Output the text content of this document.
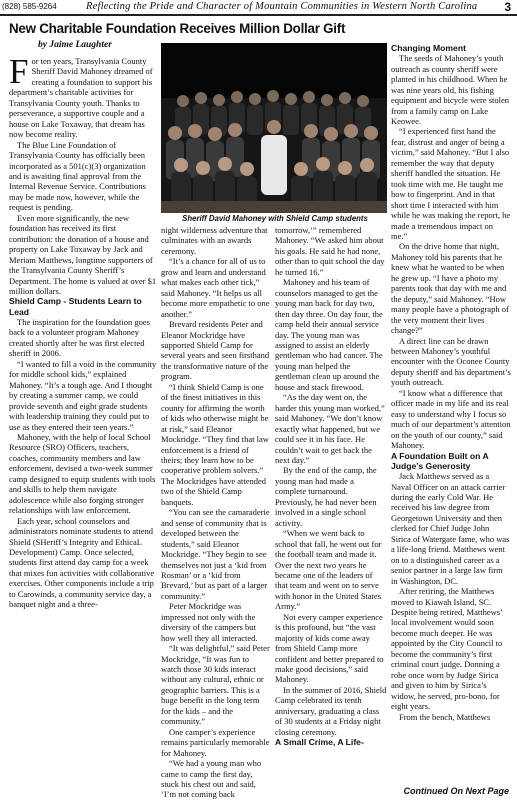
(828) 585-9264	Reflecting the Pride and Character of Mountain Communities in Western North Carolina 3
New Charitable Foundation Receives Million Dollar Gift
by Jaime Laughter

For ten years, Transylvania County Sheriff David Mahoney dreamed of creating a foundation to support his department’s charitable activities for Transylvania County youth. Thanks to perseverance, a supportive couple and a house on Lake Toxaway, that dream has now become reality.

The Blue Line Foundation of Transylvania County has officially been incorporated as a 501(c)(3) organization and is awaiting final approval from the Internal Revenue Service. Contributions may be made now, however, while the request is pending.

Even more significantly, the new foundation has received its first contribution: the donation of a house and property on Lake Toxaway by Jack and Meriam Matthews, longtime supporters of the Transylvania County Sheriff’s Department. The home is valued at over $1 million dollars.

Shield Camp - Students Learn to Lead

The inspiration for the foundation goes back to a volunteer program Mahoney created shortly after he was first elected sheriff in 2006.

“I wanted to fill a void in the community for middle school kids,” explained Mahoney. “It’s a tough age. And I thought by creating a summer camp, we could provide seventh and eight grade students with leadership training they could put to use as they entered their teen years.”

Mahoney, with the help of local School Resource (SRO) Officers, teachers, coaches, community members and law enforcement, devised a two-week summer camp designed to equip students with tools and skills to help them navigate adolescence while also forging stronger relationships with law enforcement.

Each year, school counselors and administrators nominate students to attend Shield (SHeriff’s Integrity and EthicaL Development) Camp. Once selected, students first attend day camp for a week that mixes fun activities with collaborative exercises. Other components include a trip to Carowinds, a community service day, a banquet night and a three-

Sheriff David Mahoney with Shield Camp students

night wilderness adventure that culminates with an awards ceremony.

“It’s a chance for all of us to grow and learn and understand what makes each other tick,” said Mahoney. “It helps us all become more empathetic to one another.”

Brevard residents Peter and Eleanor Mockridge have supported Shield Camp for several years and seen firsthand the transformative nature of the program.

“I think Shield Camp is one of the finest initiatives in this county for affirming the worth of kids who otherwise might be at risk,” said Eleanor Mockridge. “They find that law enforcement is a friend of theirs; they learn how to be cooperative problem solvers.” The Mockridges have attended two of the Shield Camp banquets.

“You can see the camaraderie and sense of community that is developed between the students,” said Eleanor Mockridge. “They begin to see themselves not just a ‘kid from Rosman’ or a ‘kid from Brevard,’ but as part of a larger community.”

Peter Mockridge was impressed not only with the diversity of the campers but how well they all interacted.

“It was delightful,” said Peter Mockridge, “It was fun to watch those 30 kids interact without any cultural, ethnic or geographic barriers. This is a huge benefit in the long term for the kids – and the community.”

One camper’s experience remains particularly memorable for Mahoney.

“We had a young man who came to camp the first day, stuck his chest out and said, ‘I’m not coming back

tomorrow,’” remembered Mahoney. “We asked him about his goals. He said he had none, other than to quit school the day he turned 16.”

Mahoney and his team of counselors managed to get the young man back for day two, then day three. On day four, the camp held their annual service day. The young man was assigned to assist an elderly gentleman who had cancer. The young man helped the gentleman clean up around the house and stack firewood.

“As the day went on, the harder this young man worked,” said Mahoney. “We don’t know exactly what happened, but we could see it in his face. He couldn’t wait to get back the next day.”

By the end of the camp, the young man had made a complete turnaround. Previously, he had never been involved in a single school activity.

“When we went back to school that fall, he went out for the football team and made it. Over the next two years he became one of the leaders of that team and went on to serve with honor in the United States Army.”

Not every camper experience is this profound, but “the vast majority of kids come away from Shield Camp more confident and better prepared to make good decisions,” said Mahoney.

In the summer of 2016, Shield Camp celebrated its tenth anniversary, graduating a class of 30 students at a Friday night closing ceremony.

A Small Crime, A Life-
Changing Moment

The seeds of Mahoney’s youth outreach as county sheriff were planted in his childhood. When he was nine years old, his fishing equipment and bicycle were stolen from a family camp on Lake Keowee.

“I experienced first hand the fear, distrust and anger of being a victim,” said Mahoney. “But I also remember the way that deputy sheriff handled the situation. He took time with me. He taught me how to fingerprint. And in that short time I interacted with him while he was making the report, he made a tremendous impact on me.”

On the drive home that night, Mahoney told his parents that he knew what he wanted to be when he grew up. “I have a photo my parents took that day with me and the deputy,” said Mahoney. “How many people have a photograph of the very moment their lives change?”

A direct line can be drawn between Mahoney’s youthful encounter with the Oconee County deputy sheriff and his department’s youth outreach.

“I know what a difference that officer made in my life and its real easy to understand why I focus so much of our department’s attention on the youth of our county,” said Mahoney.

A Foundation Built on A Judge’s Generosity

Jack Matthews served as a Naval Officer on an attack carrier during the early Cold War. He received his law degree from Georgetown University and then clerked for Chief Judge John Sirica of Watergate fame, who was a life-long friend. Matthews went on to a distinguished career as a senior partner in a large law firm in Washington, DC.

After retiring, the Matthews moved to Kiawah Island, SC. Despite being retired, Matthews’ local involvement would soon become much deeper. He was appointed by the City Council to become the community’s first criminal court judge. Donning a robe once worn by Judge Sirica and given to him by Sirica’s widow, he served, pro-bono, for eight years.

From the bench, Matthews

Continued On Next Page
